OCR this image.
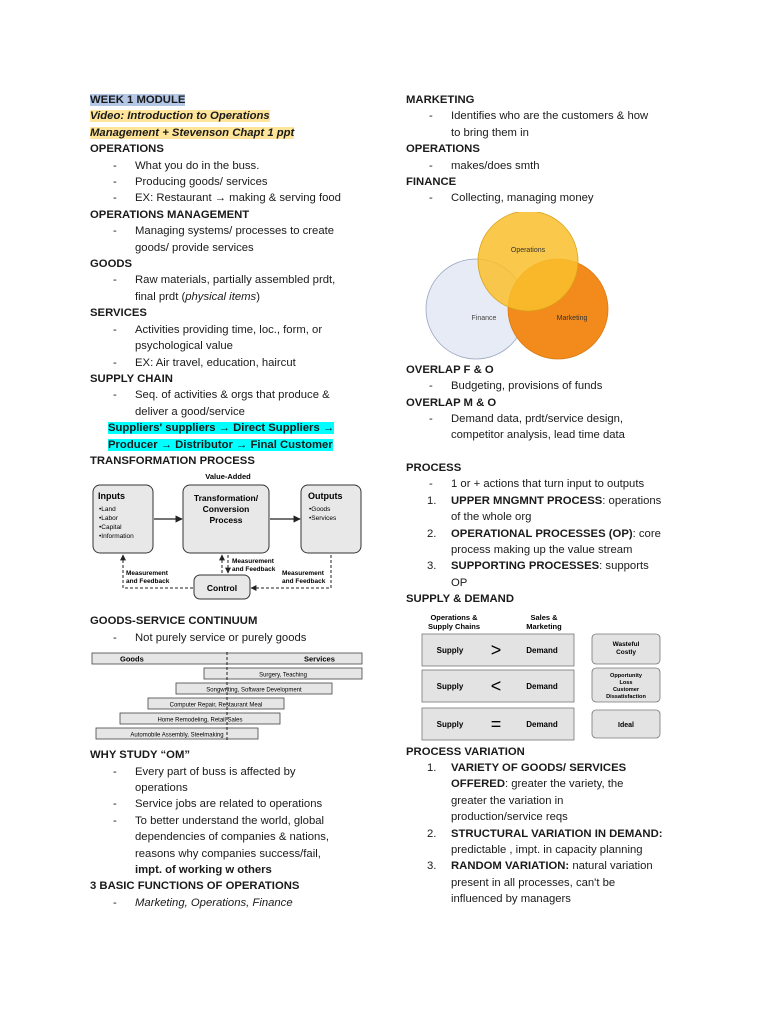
WEEK 1 MODULE
Video: Introduction to Operations
Management + Stevenson Chapt 1 ppt
OPERATIONS
- What you do in the buss.
- Producing goods/ services
- EX: Restaurant → making & serving food
OPERATIONS MANAGEMENT
- Managing systems/ processes to create
goods/ provide services
GOODS
- Raw materials, partially assembled prdt,
final prdt (physical items)
SERVICES
- Activities providing time, loc., form, or
psychological value
- EX: Air travel, education, haircut
SUPPLY CHAIN
- Seq. of activities & orgs that produce &
deliver a good/service
Suppliers' suppliers → Direct Suppliers →
Producer → Distributor → Final Customer
TRANSFORMATION PROCESS
Value-Added
Inputs
•Land
•Labor
•Capital
•Information
Transformation/
Conversion
Process
Outputs
•Goods
•Services
Control
Measurement
and Feedback
Measurement
and Feedback
Measurement
and Feedback
GOODS-SERVICE CONTINUUM
- Not purely service or purely goods
Goods	Services
Surgery, Teaching
Songwriting, Software Development
Computer Repair, Restaurant Meal
Home Remodeling, Retail Sales
Automobile Assembly, Steelmaking
WHY STUDY “OM”
- Every part of buss is affected by
operations
- Service jobs are related to operations
- To better understand the world, global
dependencies of companies & nations,
reasons why companies success/fail,
impt. of working w others
3 BASIC FUNCTIONS OF OPERATIONS
- Marketing, Operations, Finance
MARKETING
- Identifies who are the customers & how
to bring them in
OPERATIONS
- makes/does smth
FINANCE
- Collecting, managing money
Operations
Finance	Marketing
OVERLAP F & O
- Budgeting, provisions of funds
OVERLAP M & O
- Demand data, prdt/service design,
competitor analysis, lead time data
PROCESS
- 1 or + actions that turn input to outputs
1. UPPER MNGMNT PROCESS: operations
of the whole org
2. OPERATIONAL PROCESSES (OP): core
process making up the value stream
3. SUPPORTING PROCESSES: supports
OP
SUPPLY & DEMAND
Operations &
Supply Chains
Sales &
Marketing
Supply >	Demand
Wasteful
Costly
Supply <	Demand
Opportunity
Loss
Customer
Dissatisfaction
Supply =	Demand	Ideal
PROCESS VARIATION
1. VARIETY OF GOODS/ SERVICES
OFFERED: greater the variety, the
greater the variation in
production/service reqs
2. STRUCTURAL VARIATION IN DEMAND:
predictable , impt. in capacity planning
3. RANDOM VARIATION: natural variation
present in all processes, can't be
influenced by managers
